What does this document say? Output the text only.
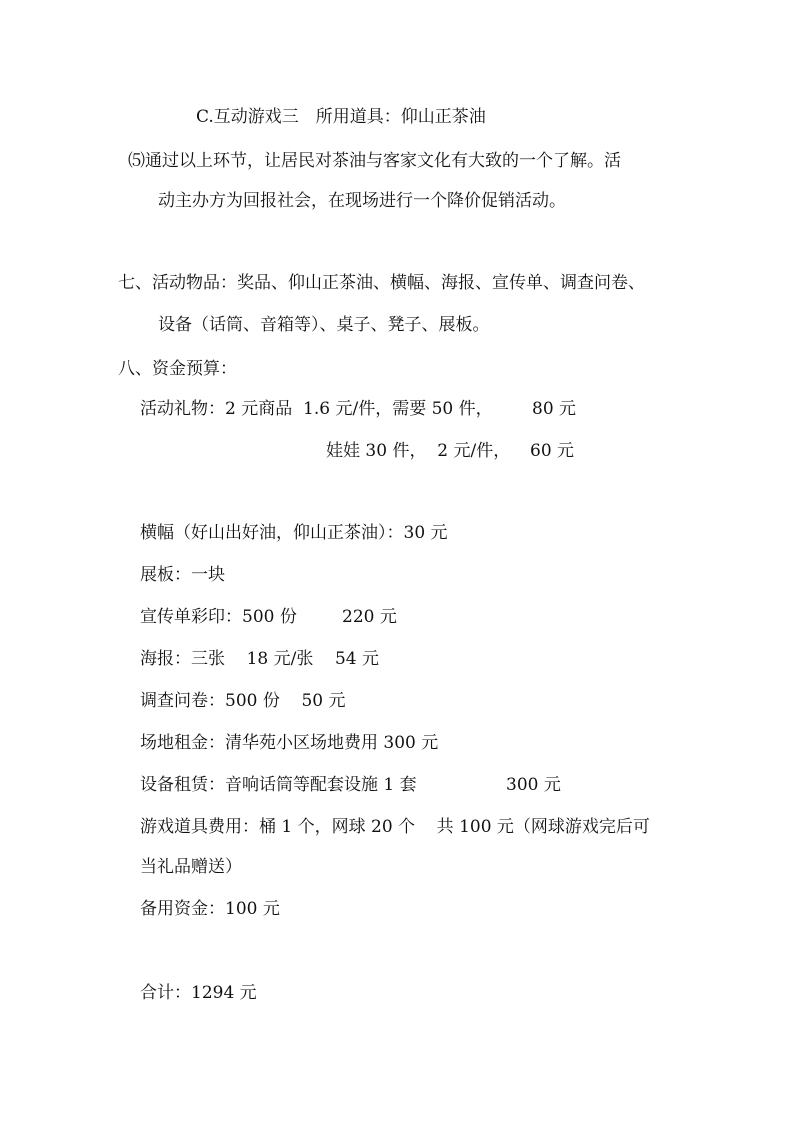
C.互动游戏三　所用道具：仰山正茶油
⑸通过以上环节，让居民对茶油与客家文化有大致的一个了解。活
动主办方为回报社会，在现场进行一个降价促销活动。
七、活动物品：奖品、仰山正茶油、横幅、海报、宣传单、调查问卷、
设备（话筒、音箱等）、桌子、凳子、展板。
八、资金预算：
活动礼物：2 元商品  1.6 元/件，需要 50 件， 80 元
娃娃 30 件，  2 元/件， 60 元
横幅（好山出好油，仰山正茶油）：30 元
展板：一块
宣传单彩印：500 份	220 元
海报：三张    18 元/张    54 元
调查问卷：500 份    50 元
场地租金：清华苑小区场地费用 300 元
设备租赁：音响话筒等配套设施 1 套	300 元
游戏道具费用：桶 1 个，网球 20 个    共 100 元（网球游戏完后可
当礼品赠送）
备用资金：100 元
合计：1294 元
